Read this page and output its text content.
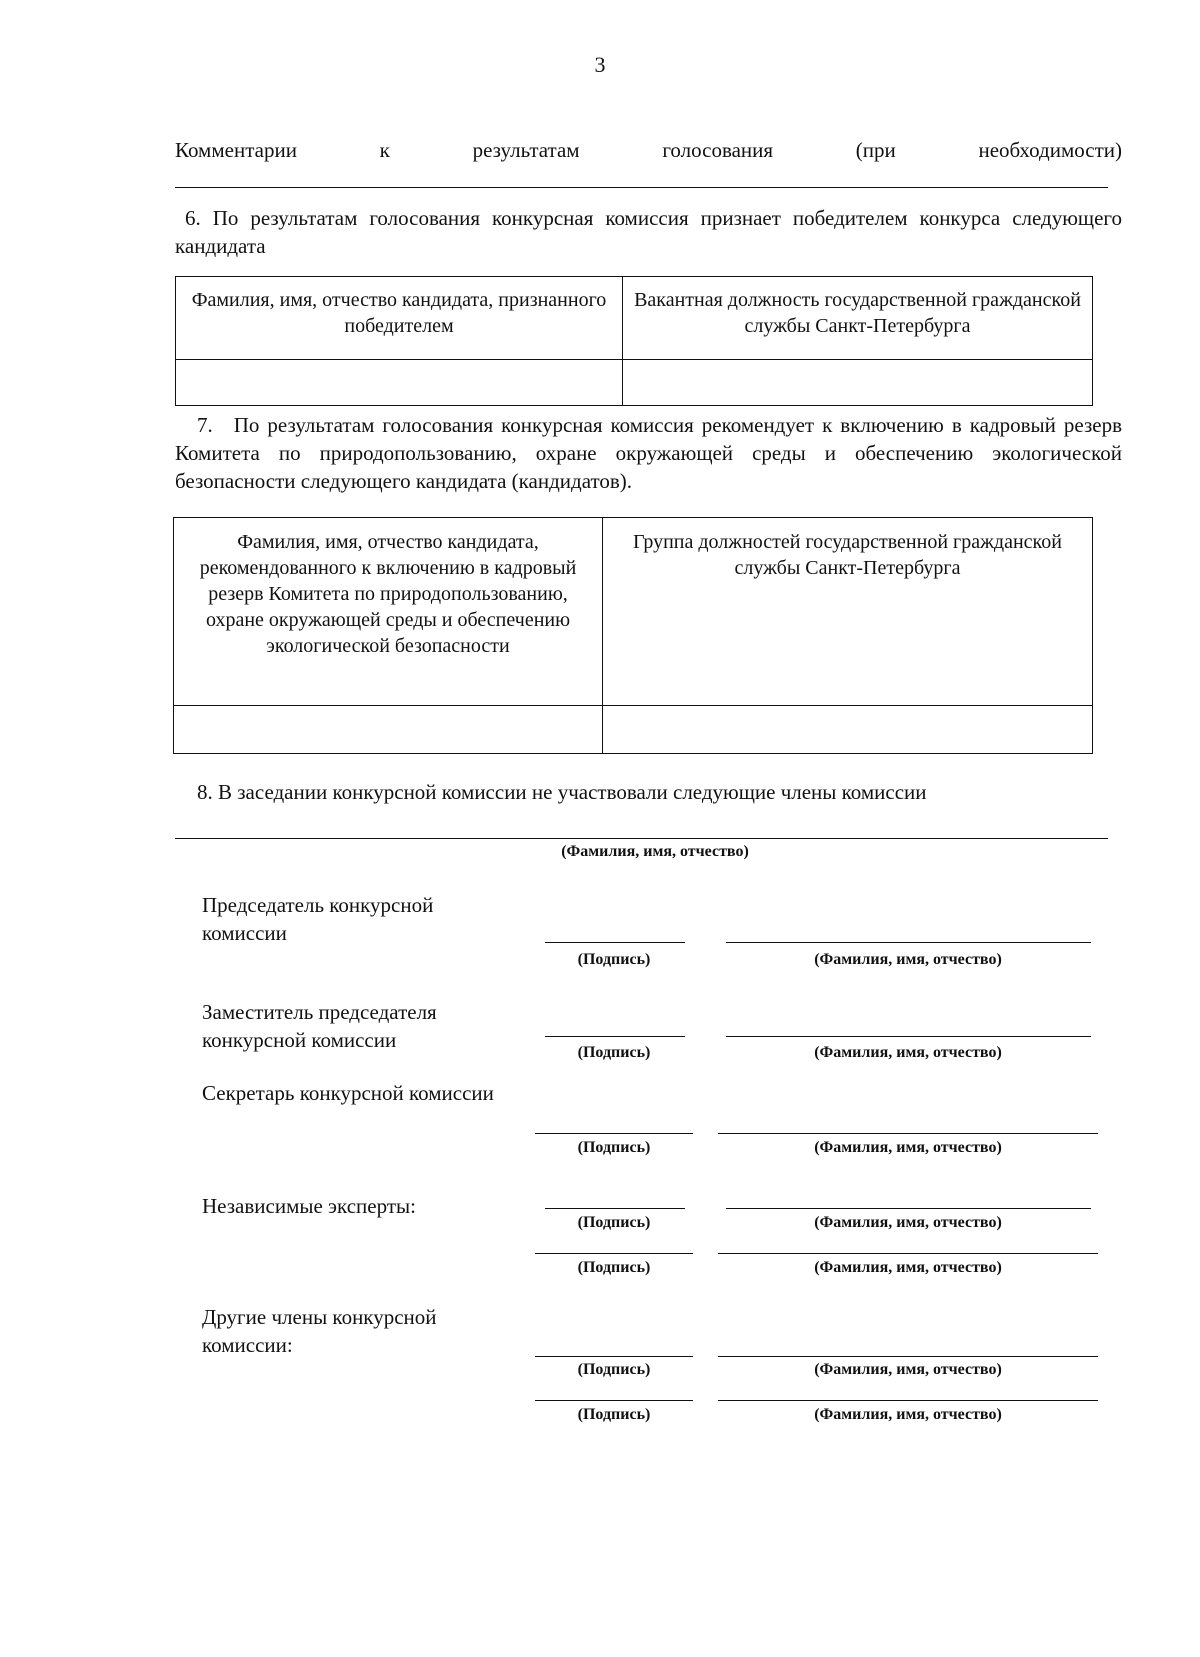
3
Комментарии	к	результатам	голосования	(при	необходимости)
6. По результатам голосования конкурсная комиссия признает победителем конкурса следующего кандидата
Фамилия, имя, отчество кандидата, признанного победителем	Вакантная должность государственной гражданской службы Санкт-Петербурга

7. По результатам голосования конкурсная комиссия рекомендует к включению в кадровый резерв Комитета по природопользованию, охране окружающей среды и обеспечению экологической безопасности следующего кандидата (кандидатов).
Фамилия, имя, отчество кандидата, рекомендованного к включению в кадровый резерв Комитета по природопользованию, охране окружающей среды и обеспечению экологической безопасности	Группа должностей государственной гражданской службы Санкт-Петербурга

8. В заседании конкурсной комиссии не участвовали следующие члены комиссии
(Фамилия, имя, отчество)
Председатель конкурсной комиссии
(Подпись)	(Фамилия, имя, отчество)
Заместитель председателя конкурсной комиссии
(Подпись)	(Фамилия, имя, отчество)
Секретарь конкурсной комиссии
(Подпись)	(Фамилия, имя, отчество)
Независимые эксперты:
(Подпись)	(Фамилия, имя, отчество)
(Подпись)	(Фамилия, имя, отчество)
Другие члены конкурсной комиссии:
(Подпись)	(Фамилия, имя, отчество)
(Подпись)	(Фамилия, имя, отчество)
